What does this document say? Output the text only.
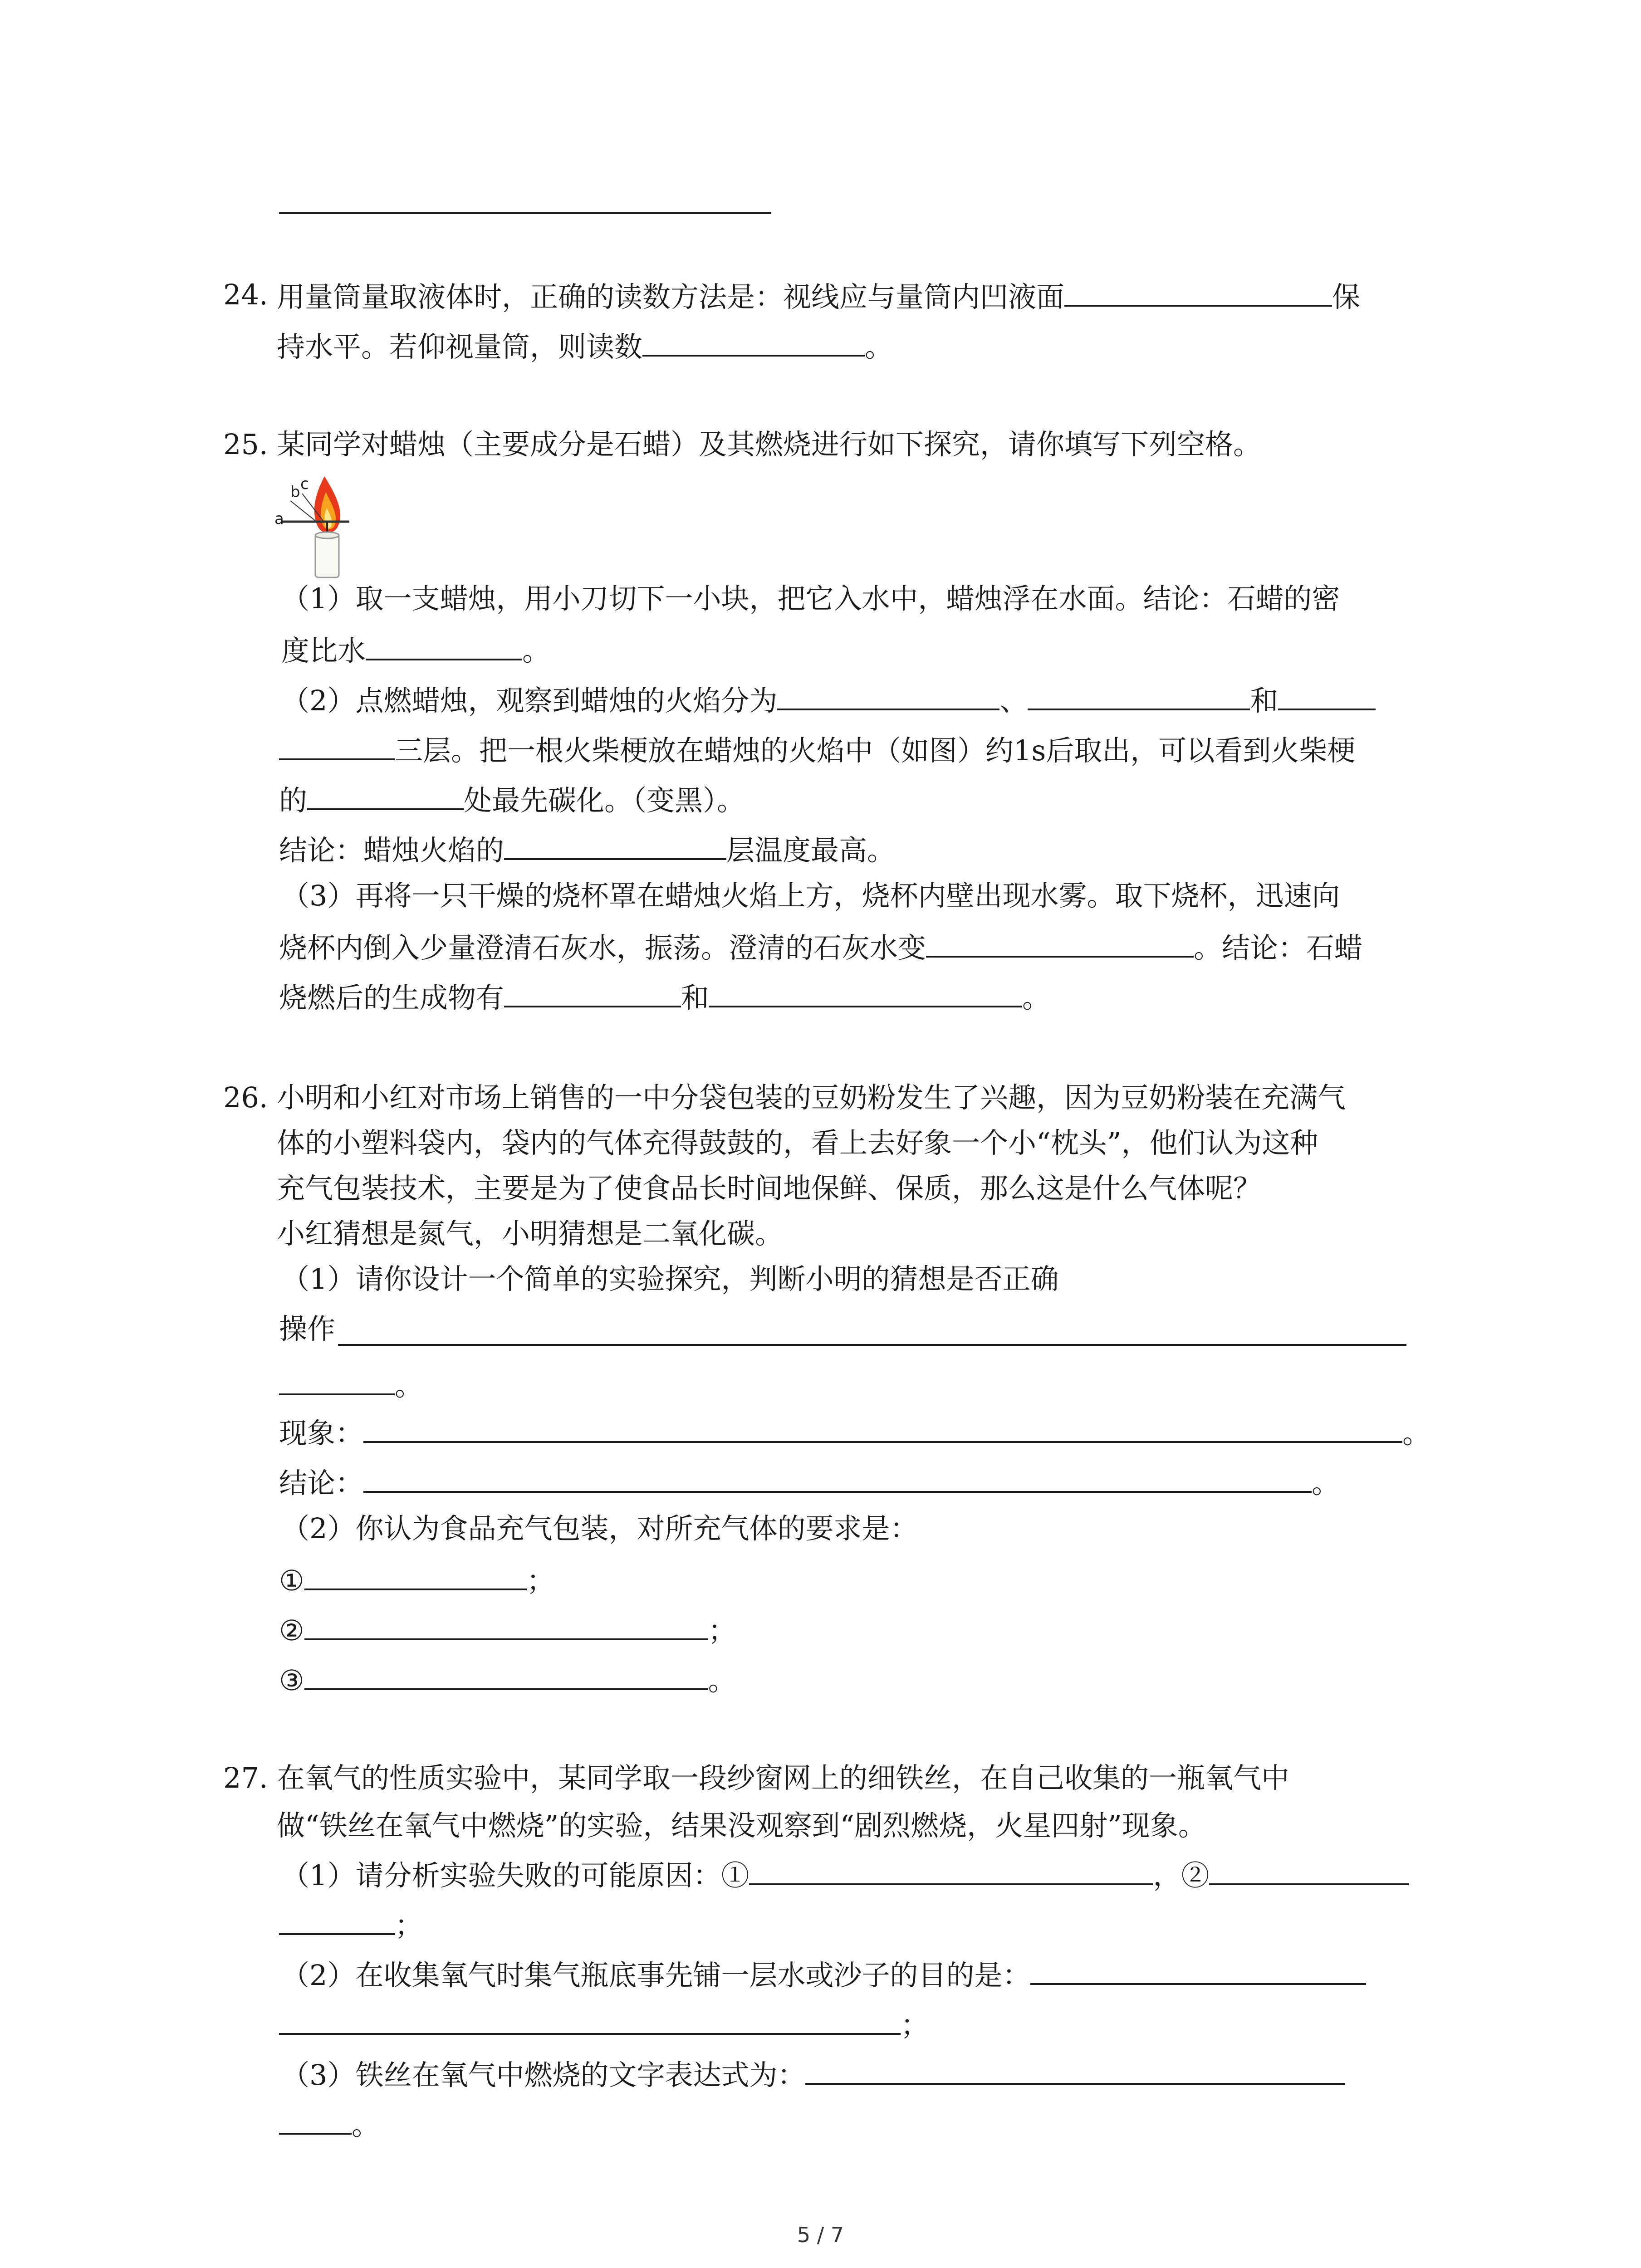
24. 用量筒量取液体时，正确的读数方法是：视线应与量筒内凹液面	保
持水平。若仰视量筒，则读数	。
25. 某同学对蜡烛（主要成分是石蜡）及其燃烧进行如下探究，请你填写下列空格。
a
b c
（1）取一支蜡烛，用小刀切下一小块，把它入水中，蜡烛浮在水面。结论：石蜡的密
度比水	。
（2）点燃蜡烛，观察到蜡烛的火焰分为	、	和
三层。把一根火柴梗放在蜡烛的火焰中（如图）约1s后取出，可以看到火柴梗
的	处最先碳化。（变黑）。
结论：蜡烛火焰的	层温度最高。
（3）再将一只干燥的烧杯罩在蜡烛火焰上方，烧杯内壁出现水雾。取下烧杯，迅速向
烧杯内倒入少量澄清石灰水，振荡。澄清的石灰水变	。结论：石蜡
烧燃后的生成物有	和	。
26. 小明和小红对市场上销售的一中分袋包装的豆奶粉发生了兴趣，因为豆奶粉装在充满气
体的小塑料袋内，袋内的气体充得鼓鼓的，看上去好象一个小“枕头”，他们认为这种
充气包装技术，主要是为了使食品长时间地保鲜、保质，那么这是什么气体呢？
小红猜想是氮气，小明猜想是二氧化碳。
（1）请你设计一个简单的实验探究，判断小明的猜想是否正确
操作
。
现象：	。
结论：	。
（2）你认为食品充气包装，对所充气体的要求是：
①	；
②	；
③	。
27. 在氧气的性质实验中，某同学取一段纱窗网上的细铁丝，在自己收集的一瓶氧气中
做“铁丝在氧气中燃烧”的实验，结果没观察到“剧烈燃烧，火星四射”现象。
（1）请分析实验失败的可能原因：①	，②
；
（2）在收集氧气时集气瓶底事先铺一层水或沙子的目的是：
；
（3）铁丝在氧气中燃烧的文字表达式为：
。
5 / 7
